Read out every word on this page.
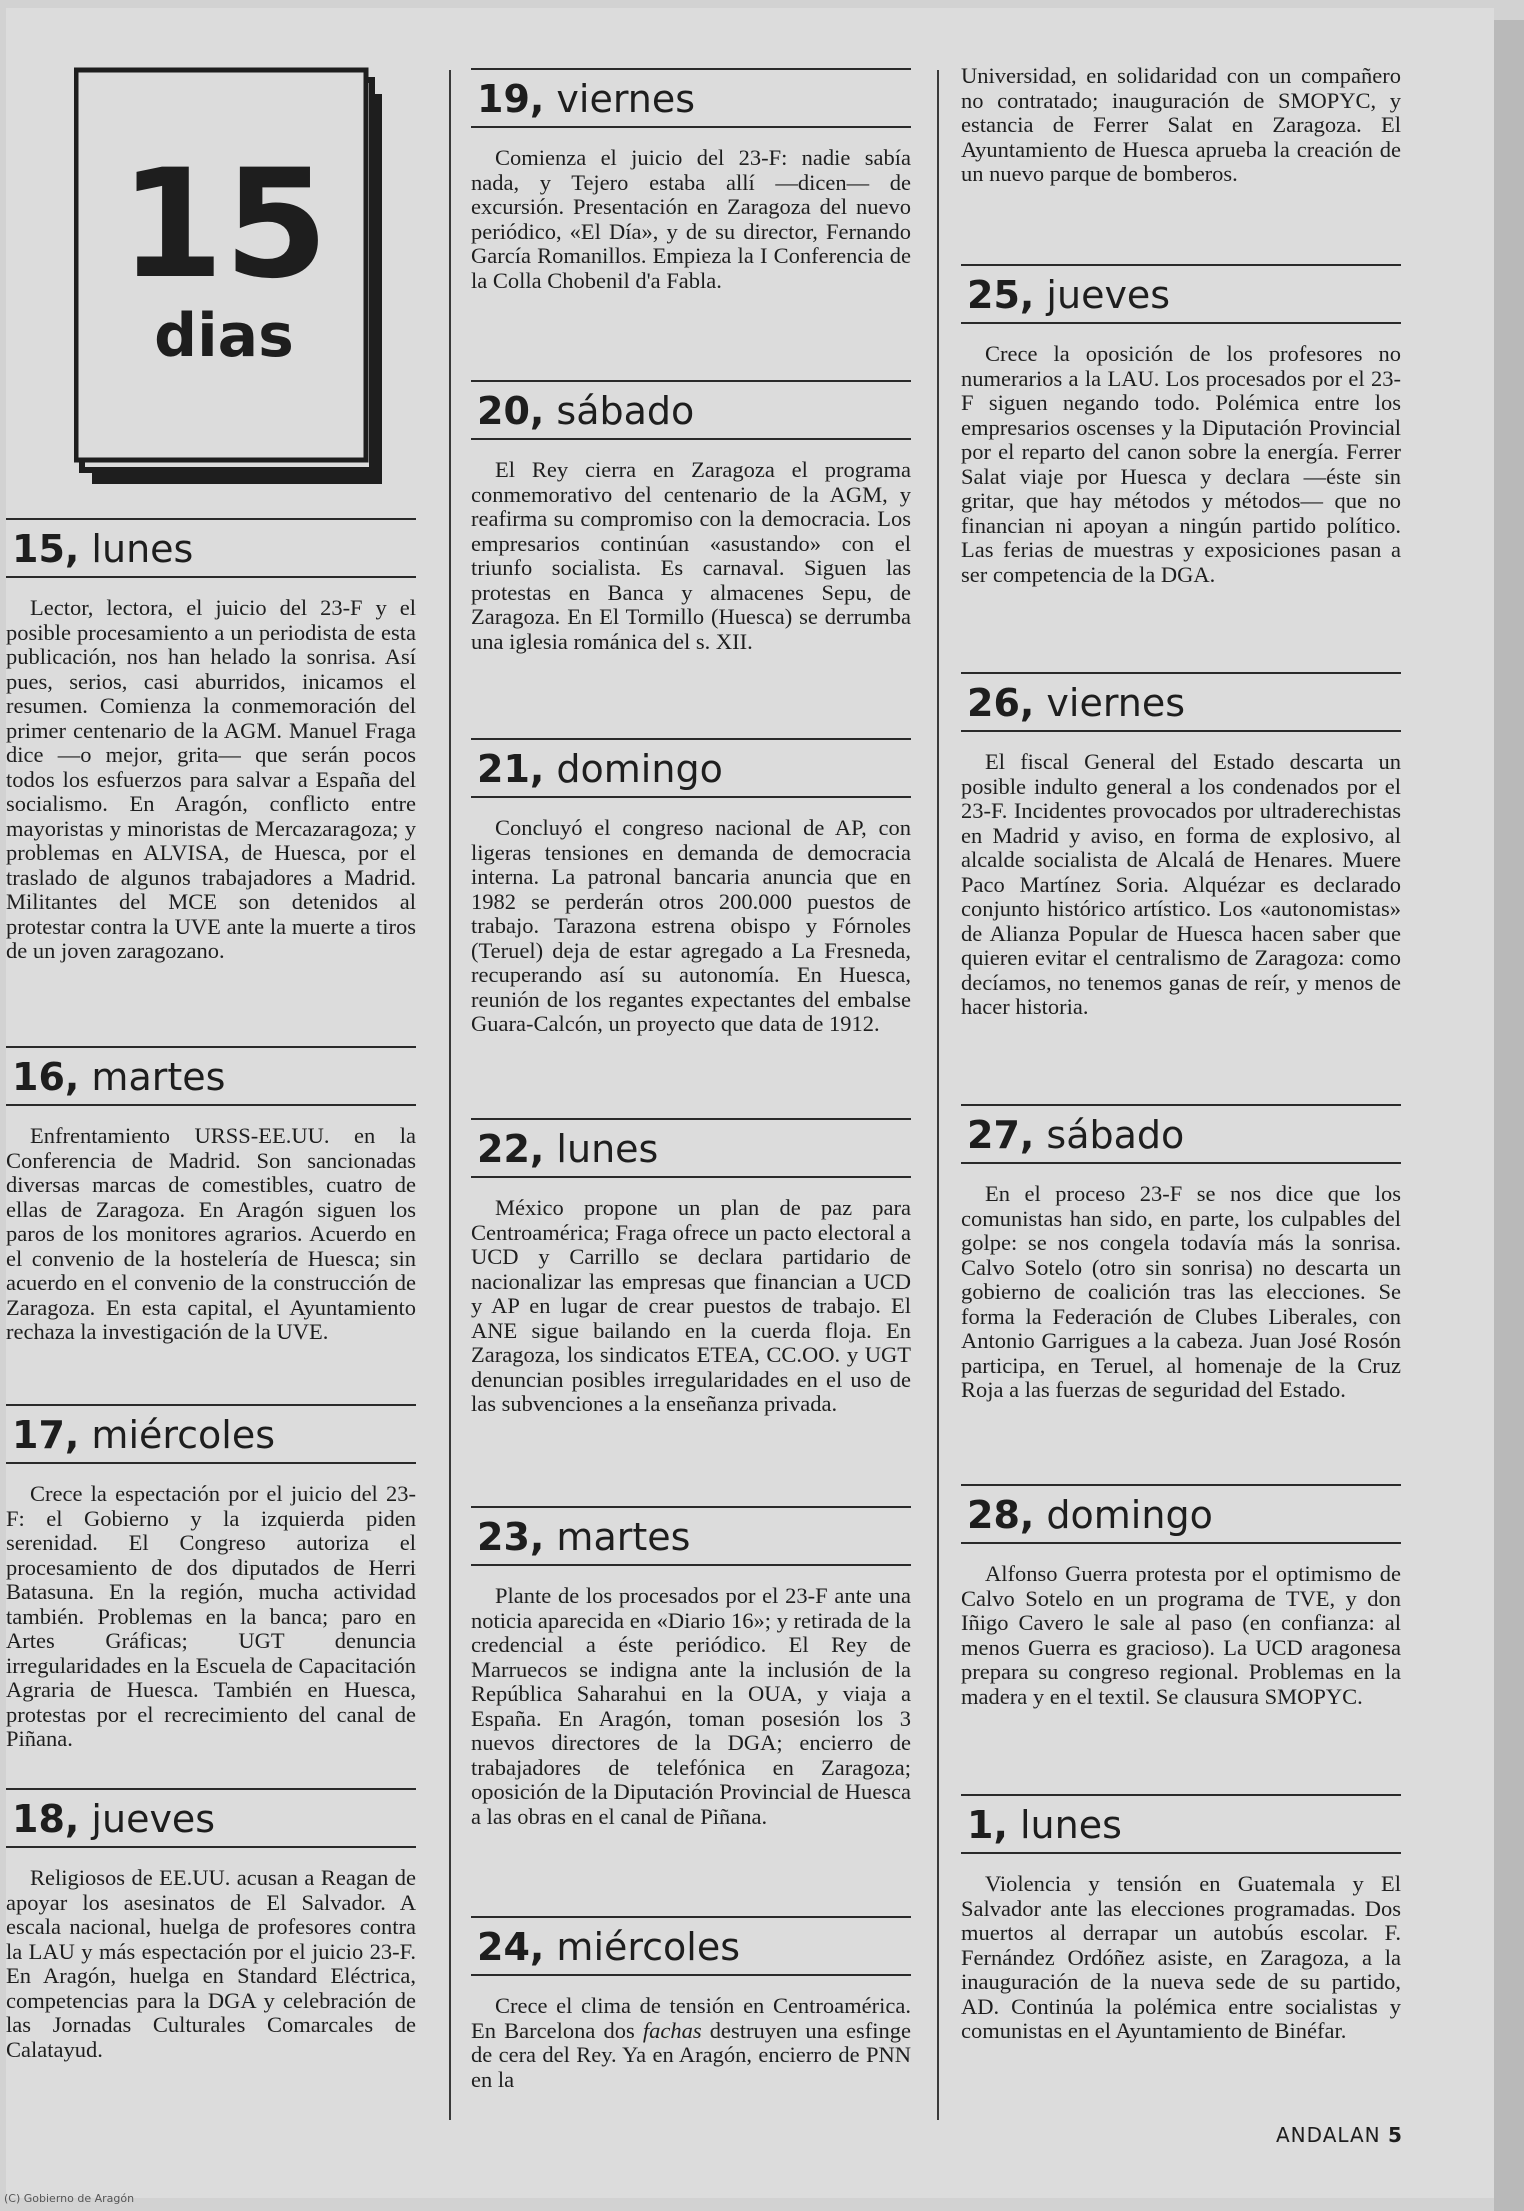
15
dias
15, lunes

Lector, lectora, el juicio del 23-F y el posible procesamiento a un periodista de esta publicación, nos han helado la sonrisa. Así pues, serios, casi aburridos, inicamos el resumen. Comienza la conmemoración del primer centenario de la AGM. Manuel Fraga dice —o mejor, grita— que serán pocos todos los esfuerzos para salvar a España del socialismo. En Aragón, conflicto entre mayoristas y minoristas de Mercazaragoza; y problemas en ALVISA, de Huesca, por el traslado de algunos trabajadores a Madrid. Militantes del MCE son detenidos al protestar contra la UVE ante la muerte a tiros de un joven zaragozano.

16, martes

Enfrentamiento URSS-EE.UU. en la Conferencia de Madrid. Son sancionadas diversas marcas de comestibles, cuatro de ellas de Zaragoza. En Aragón siguen los paros de los monitores agrarios. Acuerdo en el convenio de la hostelería de Huesca; sin acuerdo en el convenio de la construcción de Zaragoza. En esta capital, el Ayuntamiento rechaza la investigación de la UVE.

17, miércoles

Crece la espectación por el juicio del 23-F: el Gobierno y la izquierda piden serenidad. El Congreso autoriza el procesamiento de dos diputados de Herri Batasuna. En la región, mucha actividad también. Problemas en la banca; paro en Artes Gráficas; UGT denuncia irregularidades en la Escuela de Capacitación Agraria de Huesca. También en Huesca, protestas por el recrecimiento del canal de Piñana.

18, jueves

Religiosos de EE.UU. acusan a Reagan de apoyar los asesinatos de El Salvador. A escala nacional, huelga de profesores contra la LAU y más espectación por el juicio 23-F. En Aragón, huelga en Standard Eléctrica, competencias para la DGA y celebración de las Jornadas Culturales Comarcales de Calatayud.

19, viernes

Comienza el juicio del 23-F: nadie sabía nada, y Tejero estaba allí —dicen— de excursión. Presentación en Zaragoza del nuevo periódico, «El Día», y de su director, Fernando García Romanillos. Empieza la I Conferencia de la Colla Chobenil d'a Fabla.

20, sábado

El Rey cierra en Zaragoza el programa conmemorativo del centenario de la AGM, y reafirma su compromiso con la democracia. Los empresarios continúan «asustando» con el triunfo socialista. Es carnaval. Siguen las protestas en Banca y almacenes Sepu, de Zaragoza. En El Tormillo (Huesca) se derrumba una iglesia románica del s. XII.

21, domingo

Concluyó el congreso nacional de AP, con ligeras tensiones en demanda de democracia interna. La patronal bancaria anuncia que en 1982 se perderán otros 200.000 puestos de trabajo. Tarazona estrena obispo y Fórnoles (Teruel) deja de estar agregado a La Fresneda, recuperando así su autonomía. En Huesca, reunión de los regantes expectantes del embalse Guara-Calcón, un proyecto que data de 1912.

22, lunes

México propone un plan de paz para Centroamérica; Fraga ofrece un pacto electoral a UCD y Carrillo se declara partidario de nacionalizar las empresas que financian a UCD y AP en lugar de crear puestos de trabajo. El ANE sigue bailando en la cuerda floja. En Zaragoza, los sindicatos ETEA, CC.OO. y UGT denuncian posibles irregularidades en el uso de las subvenciones a la enseñanza privada.

23, martes

Plante de los procesados por el 23-F ante una noticia aparecida en «Diario 16»; y retirada de la credencial a éste periódico. El Rey de Marruecos se indigna ante la inclusión de la República Saharahui en la OUA, y viaja a España. En Aragón, toman posesión los 3 nuevos directores de la DGA; encierro de trabajadores de telefónica en Zaragoza; oposición de la Diputación Provincial de Huesca a las obras en el canal de Piñana.

24, miércoles

Crece el clima de tensión en Centroamérica. En Barcelona dos fachas destruyen una esfinge de cera del Rey. Ya en Aragón, encierro de PNN en la

Universidad, en solidaridad con un compañero no contratado; inauguración de SMOPYC, y estancia de Ferrer Salat en Zaragoza. El Ayuntamiento de Huesca aprueba la creación de un nuevo parque de bomberos.

25, jueves

Crece la oposición de los profesores no numerarios a la LAU. Los procesados por el 23-F siguen negando todo. Polémica entre los empresarios oscenses y la Diputación Provincial por el reparto del canon sobre la energía. Ferrer Salat viaje por Huesca y declara —éste sin gritar, que hay métodos y métodos— que no financian ni apoyan a ningún partido político. Las ferias de muestras y exposiciones pasan a ser competencia de la DGA.

26, viernes

El fiscal General del Estado descarta un posible indulto general a los condenados por el 23-F. Incidentes provocados por ultraderechistas en Madrid y aviso, en forma de explosivo, al alcalde socialista de Alcalá de Henares. Muere Paco Martínez Soria. Alquézar es declarado conjunto histórico artístico. Los «autonomistas» de Alianza Popular de Huesca hacen saber que quieren evitar el centralismo de Zaragoza: como decíamos, no tenemos ganas de reír, y menos de hacer historia.

27, sábado

En el proceso 23-F se nos dice que los comunistas han sido, en parte, los culpables del golpe: se nos congela todavía más la sonrisa. Calvo Sotelo (otro sin sonrisa) no descarta un gobierno de coalición tras las elecciones. Se forma la Federación de Clubes Liberales, con Antonio Garrigues a la cabeza. Juan José Rosón participa, en Teruel, al homenaje de la Cruz Roja a las fuerzas de seguridad del Estado.

28, domingo

Alfonso Guerra protesta por el optimismo de Calvo Sotelo en un programa de TVE, y don Iñigo Cavero le sale al paso (en confianza: al menos Guerra es gracioso). La UCD aragonesa prepara su congreso regional. Problemas en la madera y en el textil. Se clausura SMOPYC.

1, lunes

Violencia y tensión en Guatemala y El Salvador ante las elecciones programadas. Dos muertos al derrapar un autobús escolar. F. Fernández Ordóñez asiste, en Zaragoza, a la inauguración de la nueva sede de su partido, AD. Continúa la polémica entre socialistas y comunistas en el Ayuntamiento de Binéfar.

ANDALAN 5
(C) Gobierno de Aragón
